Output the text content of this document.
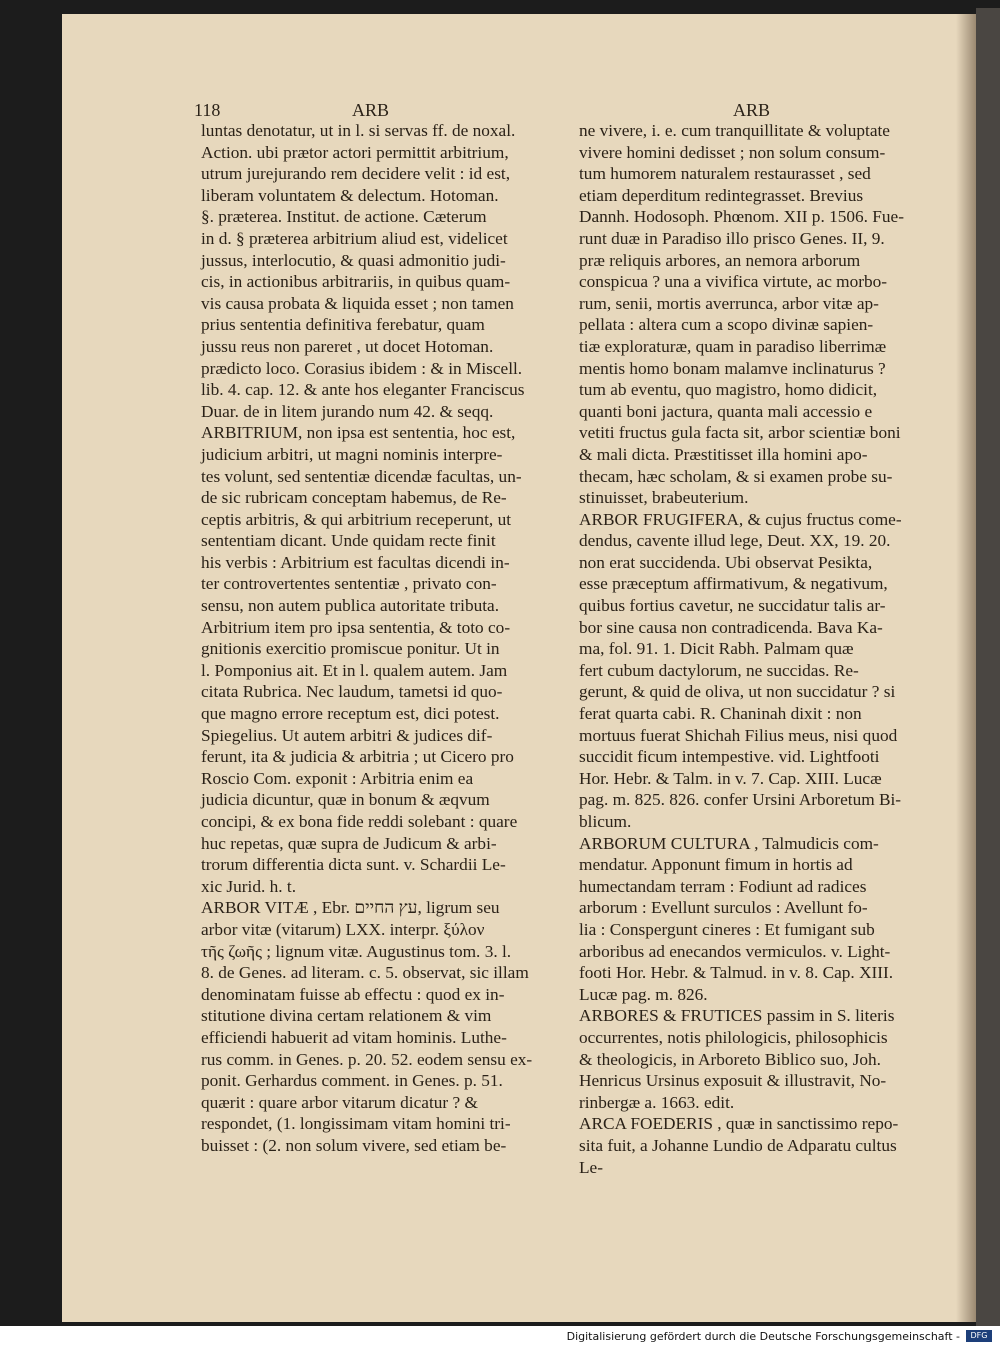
118	ARB	ARB
luntas denotatur, ut in l. si servas ff. de noxal.
Action. ubi prætor actori permittit arbitrium,
utrum jurejurando rem decidere velit : id est,
liberam voluntatem & delectum. Hotoman.
§. præterea. Institut. de actione. Cæterum
in d. § præterea arbitrium aliud est, videlicet
jussus, interlocutio, & quasi admonitio judi-
cis, in actionibus arbitrariis, in quibus quam-
vis causa probata & liquida esset ; non tamen
prius sententia definitiva ferebatur, quam
jussu reus non pareret , ut docet Hotoman.
prædicto loco. Corasius ibidem : & in Miscell.
lib. 4. cap. 12. & ante hos eleganter Franciscus
Duar. de in litem jurando num 42. & seqq.
ARBITRIUM, non ipsa est sententia, hoc est,
judicium arbitri, ut magni nominis interpre-
tes volunt, sed sententiæ dicendæ facultas, un-
de sic rubricam conceptam habemus, de Re-
ceptis arbitris, & qui arbitrium receperunt, ut
sententiam dicant. Unde quidam recte finit
his verbis : Arbitrium est facultas dicendi in-
ter controvertentes sententiæ , privato con-
sensu, non autem publica autoritate tributa.
Arbitrium item pro ipsa sententia, & toto co-
gnitionis exercitio promiscue ponitur. Ut in
l. Pomponius ait. Et in l. qualem autem. Jam
citata Rubrica. Nec laudum, tametsi id quo-
que magno errore receptum est, dici potest.
Spiegelius. Ut autem arbitri & judices dif-
ferunt, ita & judicia & arbitria ; ut Cicero pro
Roscio Com. exponit : Arbitria enim ea
judicia dicuntur, quæ in bonum & æqvum
concipi, & ex bona fide reddi solebant : quare
huc repetas, quæ supra de Judicum & arbi-
trorum differentia dicta sunt. v. Schardii Le-
xic Jurid. h. t.
ARBOR VITÆ , Ebr. עץ החיים, ligrum seu
arbor vitæ (vitarum) LXX. interpr. ξύλον
τῆς ζωῆς ; lignum vitæ. Augustinus tom. 3. l.
8. de Genes. ad literam. c. 5. observat, sic illam
denominatam fuisse ab effectu : quod ex in-
stitutione divina certam relationem & vim
efficiendi habuerit ad vitam hominis. Luthe-
rus comm. in Genes. p. 20. 52. eodem sensu ex-
ponit. Gerhardus comment. in Genes. p. 51.
quærit : quare arbor vitarum dicatur ? &
respondet, (1. longissimam vitam homini tri-
buisset : (2. non solum vivere, sed etiam be-
ne vivere, i. e. cum tranquillitate & voluptate
vivere homini dedisset ; non solum consum-
tum humorem naturalem restaurasset , sed
etiam deperditum redintegrasset. Brevius
Dannh. Hodosoph. Phœnom. XII p. 1506. Fue-
runt duæ in Paradiso illo prisco Genes. II, 9.
præ reliquis arbores, an nemora arborum
conspicua ? una a vivifica virtute, ac morbo-
rum, senii, mortis averrunca, arbor vitæ ap-
pellata : altera cum a scopo divinæ sapien-
tiæ exploraturæ, quam in paradiso liberrimæ
mentis homo bonam malamve inclinaturus ?
tum ab eventu, quo magistro, homo didicit,
quanti boni jactura, quanta mali accessio e
vetiti fructus gula facta sit, arbor scientiæ boni
& mali dicta. Præstitisset illa homini apo-
thecam, hæc scholam, & si examen probe su-
stinuisset, brabeuterium.
ARBOR FRUGIFERA, & cujus fructus come-
dendus, cavente illud lege, Deut. XX, 19. 20.
non erat succidenda. Ubi observat Pesikta,
esse præceptum affirmativum, & negativum,
quibus fortius cavetur, ne succidatur talis ar-
bor sine causa non contradicenda. Bava Ka-
ma, fol. 91. 1. Dicit Rabh. Palmam quæ
fert cubum dactylorum, ne succidas. Re-
gerunt, & quid de oliva, ut non succidatur ? si
ferat quarta cabi. R. Chaninah dixit : non
mortuus fuerat Shichah Filius meus, nisi quod
succidit ficum intempestive. vid. Lightfooti
Hor. Hebr. & Talm. in v. 7. Cap. XIII. Lucæ
pag. m. 825. 826. confer Ursini Arboretum Bi-
blicum.
ARBORUM CULTURA , Talmudicis com-
mendatur. Apponunt fimum in hortis ad
humectandam terram : Fodiunt ad radices
arborum : Evellunt surculos : Avellunt fo-
lia : Conspergunt cineres : Et fumigant sub
arboribus ad enecandos vermiculos. v. Light-
footi Hor. Hebr. & Talmud. in v. 8. Cap. XIII.
Lucæ pag. m. 826.
ARBORES & FRUTICES passim in S. literis
occurrentes, notis philologicis, philosophicis
& theologicis, in Arboreto Biblico suo, Joh.
Henricus Ursinus exposuit & illustravit, No-
rinbergæ a. 1663. edit.
ARCA FOEDERIS , quæ in sanctissimo repo-
sita fuit, a Johanne Lundio de Adparatu cultus
Le-
Digitalisierung gefördert durch die Deutsche Forschungsgemeinschaft -	DFG
